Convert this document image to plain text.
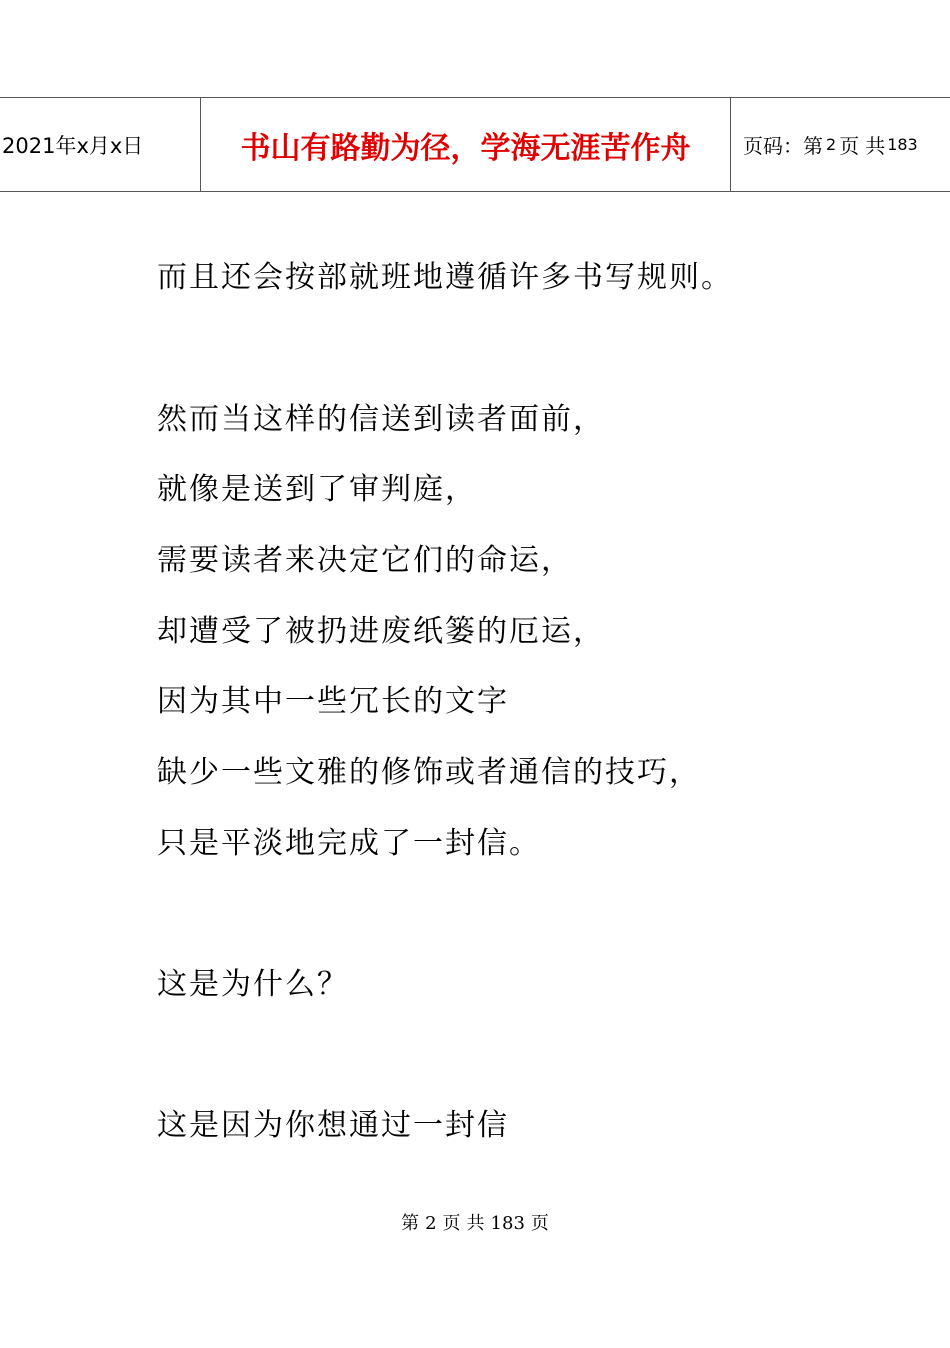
2021年x月x日	书山有路勤为径，学海无涯苦作舟	页码：第 2 页 共 183
而且还会按部就班地遵循许多书写规则。
然而当这样的信送到读者面前，
就像是送到了审判庭，
需要读者来决定它们的命运，
却遭受了被扔进废纸篓的厄运，
因为其中一些冗长的文字
缺少一些文雅的修饰或者通信的技巧，
只是平淡地完成了一封信。
这是为什么？
这是因为你想通过一封信
第 2 页 共 183 页
